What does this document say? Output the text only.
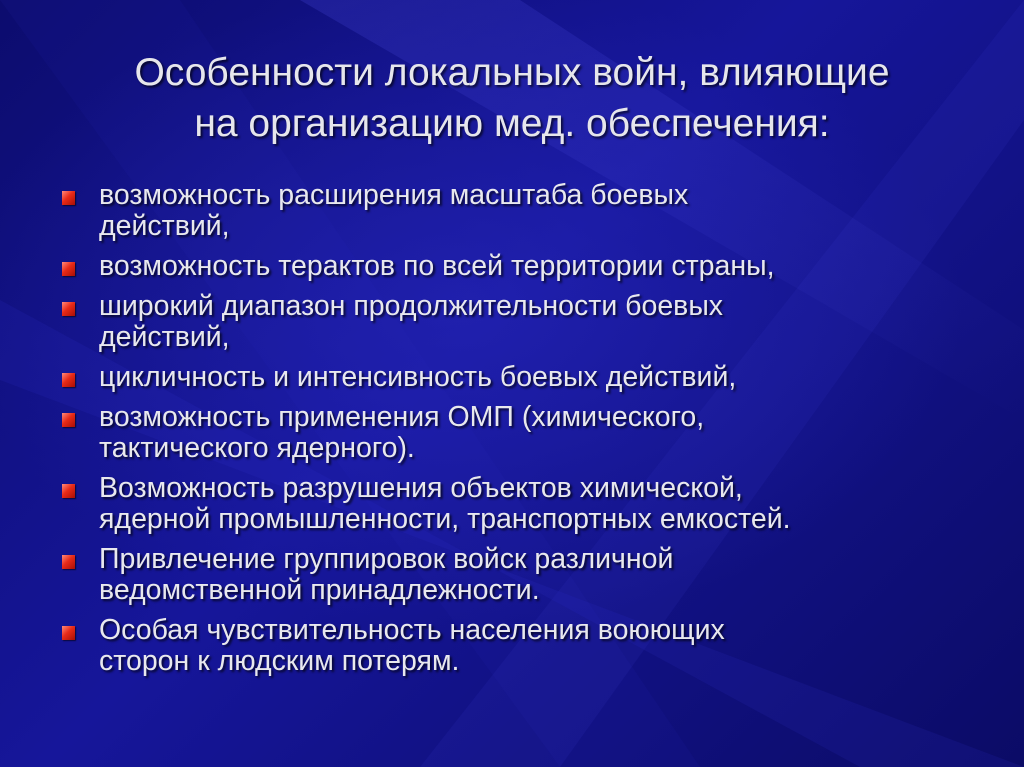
Особенности локальных войн, влияющие
на организацию мед. обеспечения:
возможность расширения масштаба боевых
действий,
возможность терактов по всей территории страны,
широкий диапазон продолжительности боевых
действий,
цикличность и интенсивность боевых действий,
возможность применения ОМП (химического,
тактического ядерного).
Возможность разрушения объектов химической,
ядерной промышленности, транспортных емкостей.
Привлечение группировок войск различной
ведомственной принадлежности.
Особая чувствительность населения воюющих
сторон к людским потерям.
